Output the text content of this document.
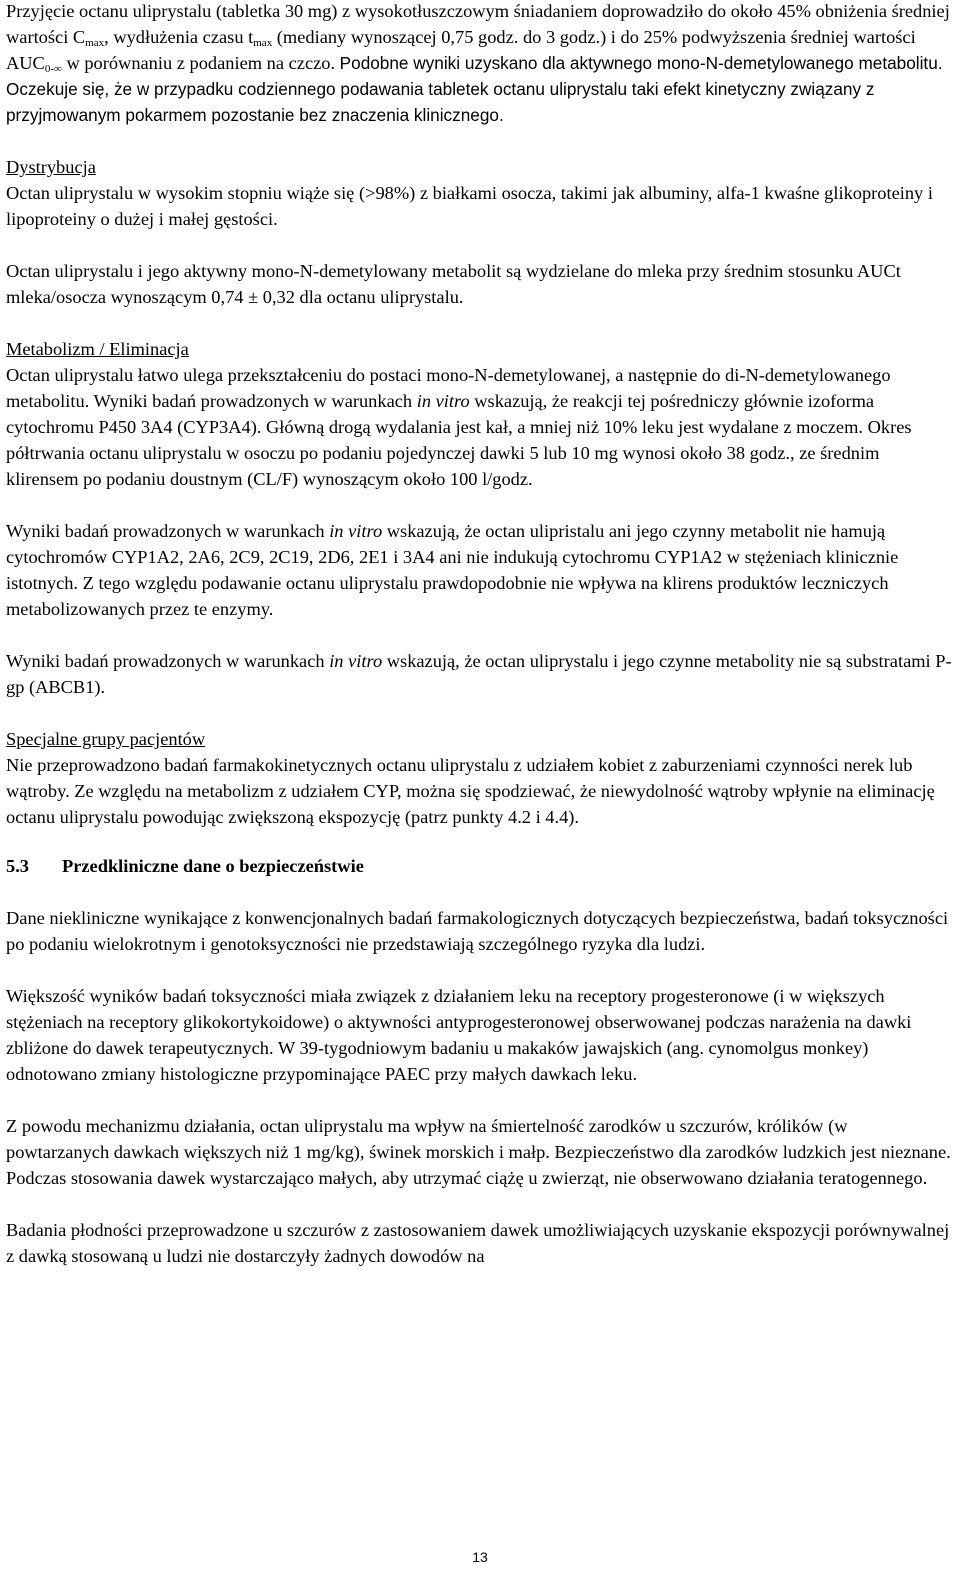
Przyjęcie octanu uliprystalu (tabletka 30 mg) z wysokotłuszczowym śniadaniem doprowadziło do około 45% obniżenia średniej wartości $C_{max}$, wydłużenia czasu $t_{max}$ (mediany wynoszącej 0,75 godz. do 3 godz.) i do 25% podwyższenia średniej wartości $AUC_{0-\infty}$ w porównaniu z podaniem na czczo. Podobne wyniki uzyskano dla aktywnego mono-N-demetylowanego metabolitu. Oczekuje się, że w przypadku codziennego podawania tabletek octanu uliprystalu taki efekt kinetyczny związany z przyjmowanym pokarmem pozostanie bez znaczenia klinicznego.

Dystrybucja

Octan uliprystalu w wysokim stopniu wiąże się (>98%) z białkami osocza, takimi jak albuminy, alfa-1 kwaśne glikoproteiny i lipoproteiny o dużej i małej gęstości.

Octan uliprystalu i jego aktywny mono-N-demetylowany metabolit są wydzielane do mleka przy średnim stosunku AUCt mleka/osocza wynoszącym 0,74 ± 0,32 dla octanu uliprystalu.

Metabolizm / Eliminacja

Octan uliprystalu łatwo ulega przekształceniu do postaci mono-N-demetylowanej, a następnie do di-N-demetylowanego metabolitu. Wyniki badań prowadzonych w warunkach in vitro wskazują, że reakcji tej pośredniczy głównie izoforma cytochromu P450 3A4 (CYP3A4). Główną drogą wydalania jest kał, a mniej niż 10% leku jest wydalane z moczem. Okres półtrwania octanu uliprystalu w osoczu po podaniu pojedynczej dawki 5 lub 10 mg wynosi około 38 godz., ze średnim klirensem po podaniu doustnym (CL/F) wynoszącym około 100 l/godz.

Wyniki badań prowadzonych w warunkach in vitro wskazują, że octan ulipristalu ani jego czynny metabolit nie hamują cytochromów CYP1A2, 2A6, 2C9, 2C19, 2D6, 2E1 i 3A4 ani nie indukują cytochromu CYP1A2 w stężeniach klinicznie istotnych. Z tego względu podawanie octanu uliprystalu prawdopodobnie nie wpływa na klirens produktów leczniczych metabolizowanych przez te enzymy.

Wyniki badań prowadzonych w warunkach in vitro wskazują, że octan uliprystalu i jego czynne metabolity nie są substratami P-gp (ABCB1).

Specjalne grupy pacjentów

Nie przeprowadzono badań farmakokinetycznych octanu uliprystalu z udziałem kobiet z zaburzeniami czynności nerek lub wątroby. Ze względu na metabolizm z udziałem CYP, można się spodziewać, że niewydolność wątroby wpłynie na eliminację octanu uliprystalu powodując zwiększoną ekspozycję (patrz punkty 4.2 i 4.4).

5.3 Przedkliniczne dane o bezpieczeństwie

Dane niekliniczne wynikające z konwencjonalnych badań farmakologicznych dotyczących bezpieczeństwa, badań toksyczności po podaniu wielokrotnym i genotoksyczności nie przedstawiają szczególnego ryzyka dla ludzi.

Większość wyników badań toksyczności miała związek z działaniem leku na receptory progesteronowe (i w większych stężeniach na receptory glikokortykoidowe) o aktywności antyprogesteronowej obserwowanej podczas narażenia na dawki zbliżone do dawek terapeutycznych. W 39-tygodniowym badaniu u makaków jawajskich (ang. cynomolgus monkey) odnotowano zmiany histologiczne przypominające PAEC przy małych dawkach leku.

Z powodu mechanizmu działania, octan uliprystalu ma wpływ na śmiertelność zarodków u szczurów, królików (w powtarzanych dawkach większych niż 1 mg/kg), świnek morskich i małp. Bezpieczeństwo dla zarodków ludzkich jest nieznane. Podczas stosowania dawek wystarczająco małych, aby utrzymać ciążę u zwierząt, nie obserwowano działania teratogennego.

Badania płodności przeprowadzone u szczurów z zastosowaniem dawek umożliwiających uzyskanie ekspozycji porównywalnej z dawką stosowaną u ludzi nie dostarczyły żadnych dowodów na

13
